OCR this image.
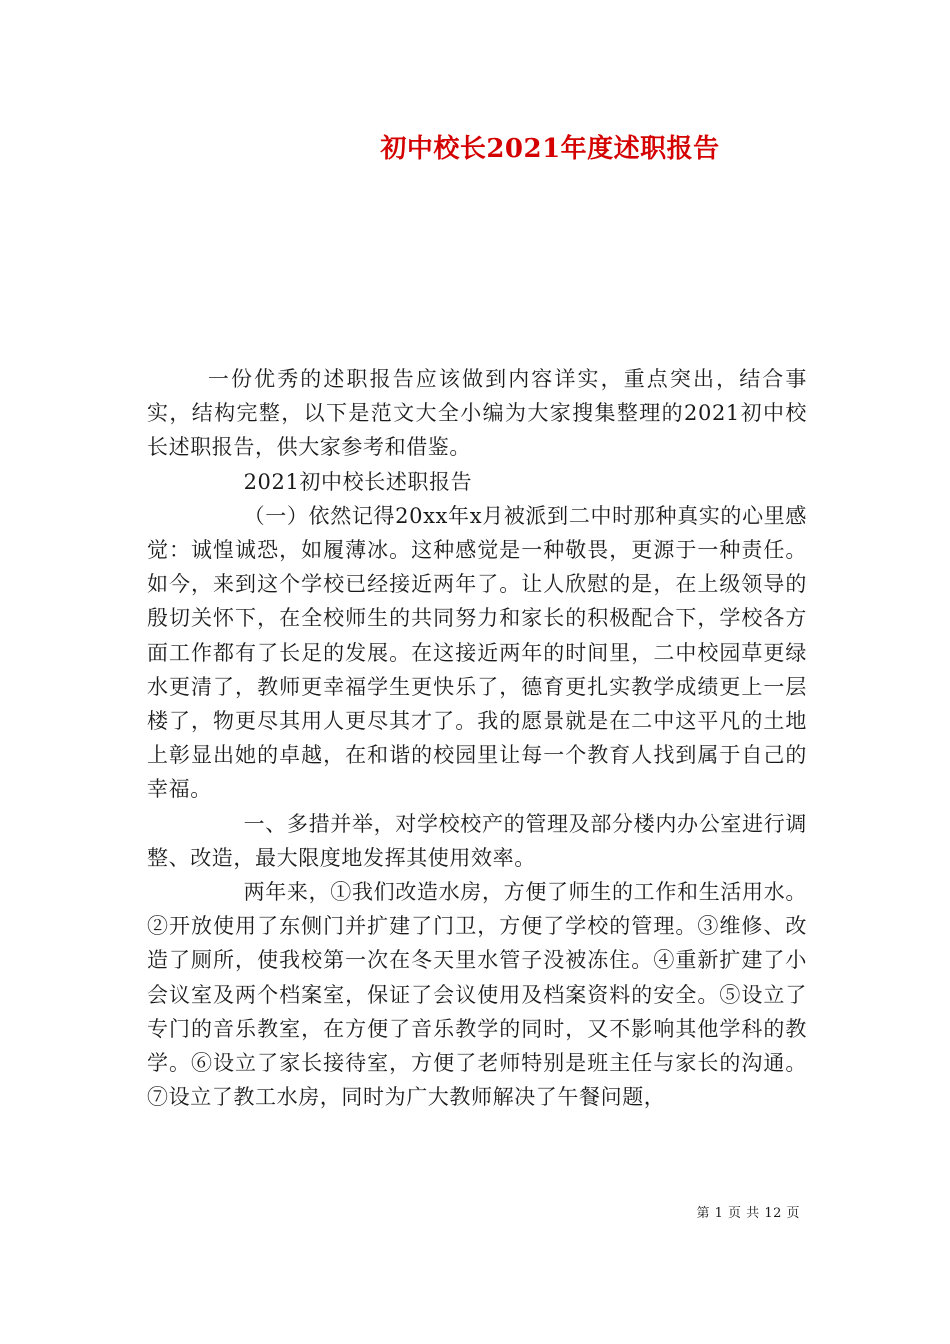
初中校长2021年度述职报告

一份优秀的述职报告应该做到内容详实，重点突出，结合事实，结构完整，以下是范文大全小编为大家搜集整理的2021初中校长述职报告，供大家参考和借鉴。

2021初中校长述职报告

（一）依然记得20xx年x月被派到二中时那种真实的心里感觉：诚惶诚恐，如履薄冰。这种感觉是一种敬畏，更源于一种责任。如今，来到这个学校已经接近两年了。让人欣慰的是，在上级领导的殷切关怀下，在全校师生的共同努力和家长的积极配合下，学校各方面工作都有了长足的发展。在这接近两年的时间里，二中校园草更绿水更清了，教师更幸福学生更快乐了，德育更扎实教学成绩更上一层楼了，物更尽其用人更尽其才了。我的愿景就是在二中这平凡的土地上彰显出她的卓越，在和谐的校园里让每一个教育人找到属于自己的幸福。

一、多措并举，对学校校产的管理及部分楼内办公室进行调整、改造，最大限度地发挥其使用效率。

两年来，①我们改造水房，方便了师生的工作和生活用水。②开放使用了东侧门并扩建了门卫，方便了学校的管理。③维修、改造了厕所，使我校第一次在冬天里水管子没被冻住。④重新扩建了小会议室及两个档案室，保证了会议使用及档案资料的安全。⑤设立了专门的音乐教室，在方便了音乐教学的同时，又不影响其他学科的教学。⑥设立了家长接待室，方便了老师特别是班主任与家长的沟通。⑦设立了教工水房，同时为广大教师解决了午餐问题，

第 1 页 共 12 页
